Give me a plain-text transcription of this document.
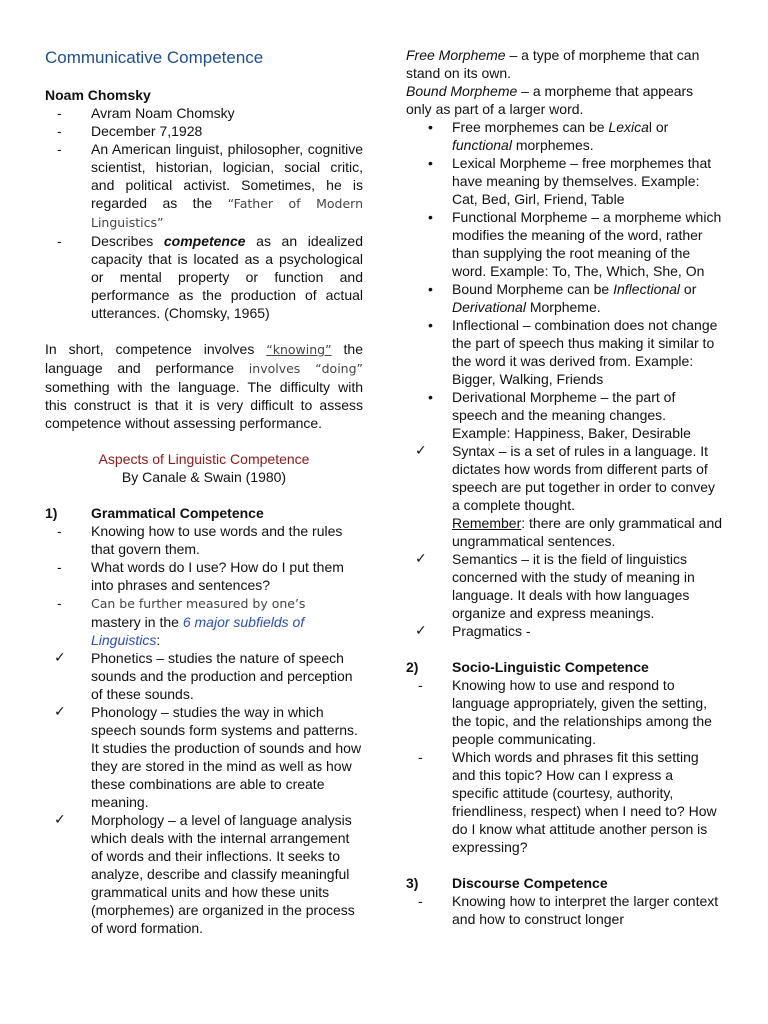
Communicative Competence
Noam Chomsky
- Avram Noam Chomsky
- December 7,1928
- An American linguist, philosopher, cognitive scientist, historian, logician, social critic, and political activist. Sometimes, he is regarded as the “Father of Modern Linguistics”
- Describes competence as an idealized capacity that is located as a psychological or mental property or function and performance as the production of actual utterances. (Chomsky, 1965)
In short, competence involves “knowing” the language and performance involves “doing” something with the language. The difficulty with this construct is that it is very difficult to assess competence without assessing performance.
Aspects of Linguistic Competence
By Canale & Swain (1980)
1) Grammatical Competence
- Knowing how to use words and the rules that govern them.
- What words do I use? How do I put them into phrases and sentences?
- Can be further measured by one’s
mastery in the 6 major subfields of Linguistics:
✓ Phonetics – studies the nature of speech sounds and the production and perception of these sounds.
✓ Phonology – studies the way in which speech sounds form systems and patterns. It studies the production of sounds and how they are stored in the mind as well as how these combinations are able to create meaning.
✓ Morphology – a level of language analysis which deals with the internal arrangement of words and their inflections. It seeks to analyze, describe and classify meaningful grammatical units and how these units (morphemes) are organized in the process of word formation.
Free Morpheme – a type of morpheme that can stand on its own.
Bound Morpheme – a morpheme that appears only as part of a larger word.
• Free morphemes can be Lexical or functional morphemes.
• Lexical Morpheme – free morphemes that have meaning by themselves. Example: Cat, Bed, Girl, Friend, Table
• Functional Morpheme – a morpheme which modifies the meaning of the word, rather than supplying the root meaning of the word. Example: To, The, Which, She, On
• Bound Morpheme can be Inflectional or Derivational Morpheme.
• Inflectional – combination does not change the part of speech thus making it similar to the word it was derived from. Example: Bigger, Walking, Friends
• Derivational Morpheme – the part of speech and the meaning changes. Example: Happiness, Baker, Desirable
✓ Syntax – is a set of rules in a language. It dictates how words from different parts of speech are put together in order to convey a complete thought.
Remember: there are only grammatical and ungrammatical sentences.
✓ Semantics – it is the field of linguistics concerned with the study of meaning in language. It deals with how languages organize and express meanings.
✓ Pragmatics -
2) Socio-Linguistic Competence
- Knowing how to use and respond to language appropriately, given the setting, the topic, and the relationships among the people communicating.
- Which words and phrases fit this setting and this topic? How can I express a specific attitude (courtesy, authority, friendliness, respect) when I need to? How do I know what attitude another person is expressing?
3) Discourse Competence
- Knowing how to interpret the larger context and how to construct longer
